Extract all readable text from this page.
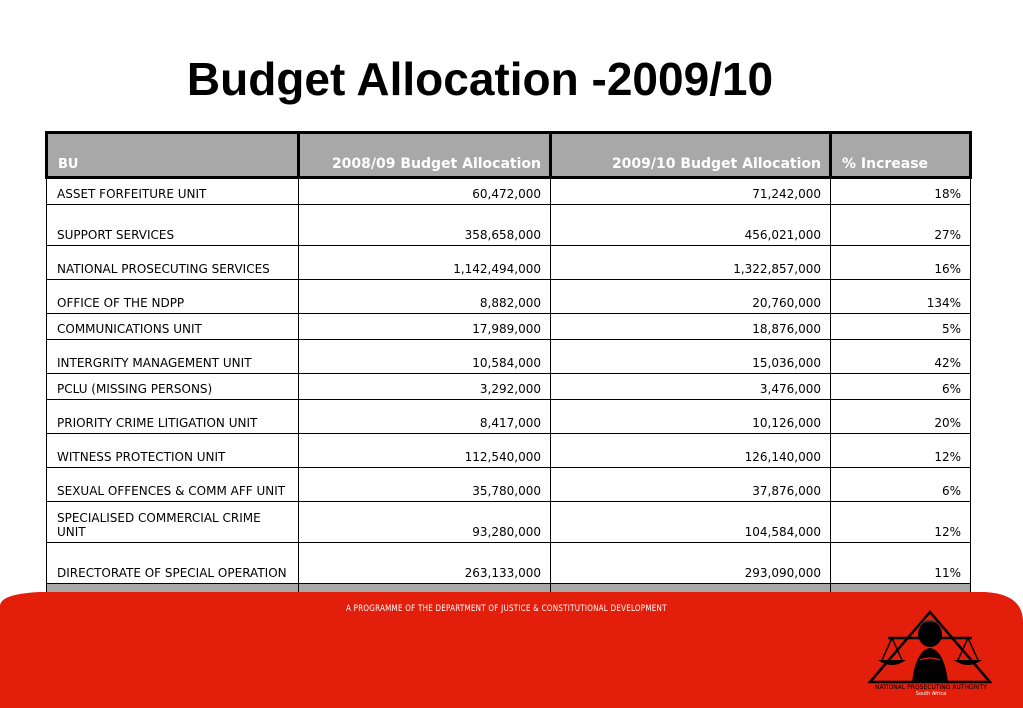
Budget Allocation -2009/10
BU	2008/09 Budget Allocation	2009/10 Budget Allocation	% Increase
ASSET FORFEITURE UNIT	60,472,000	71,242,000	18%
SUPPORT SERVICES	358,658,000	456,021,000	27%
NATIONAL PROSECUTING SERVICES	1,142,494,000	1,322,857,000	16%
OFFICE OF THE NDPP	8,882,000	20,760,000	134%
COMMUNICATIONS UNIT	17,989,000	18,876,000	5%
INTERGRITY MANAGEMENT UNIT	10,584,000	15,036,000	42%
PCLU (MISSING PERSONS)	3,292,000	3,476,000	6%
PRIORITY CRIME LITIGATION UNIT	8,417,000	10,126,000	20%
WITNESS PROTECTION UNIT	112,540,000	126,140,000	12%
SEXUAL OFFENCES & COMM AFF UNIT	35,780,000	37,876,000	6%
SPECIALISED COMMERCIAL CRIME UNIT	93,280,000	104,584,000	12%
DIRECTORATE OF SPECIAL OPERATION	263,133,000	293,090,000	11%

A PROGRAMME OF THE DEPARTMENT OF JUSTICE & CONSTITUTIONAL DEVELOPMENT
NATIONAL PROSECUTING AUTHORITY
South Africa
